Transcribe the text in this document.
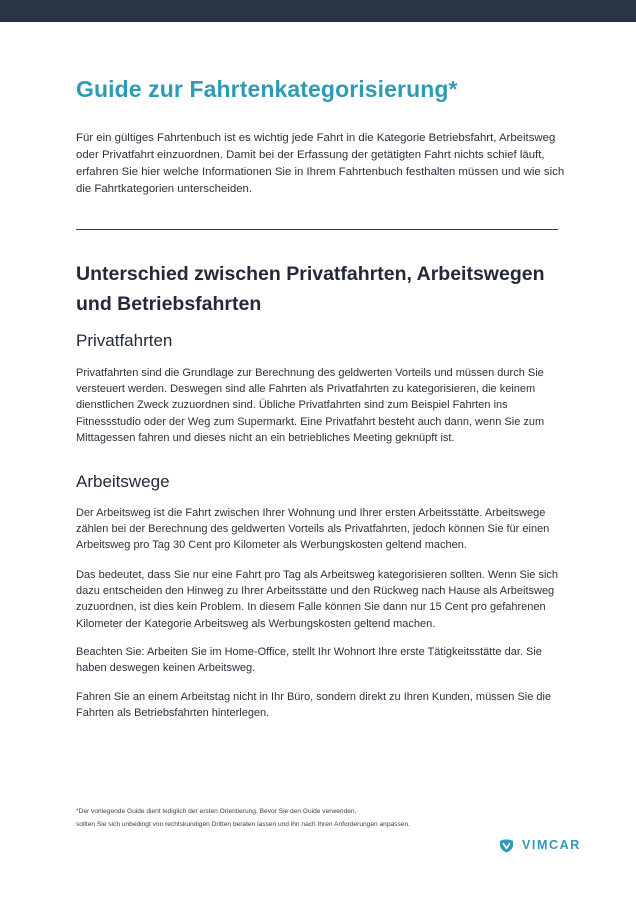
Guide zur Fahrtenkategorisierung*

Für ein gültiges Fahrtenbuch ist es wichtig jede Fahrt in die Kategorie Betriebsfahrt, Arbeitsweg oder Privatfahrt einzuordnen. Damit bei der Erfassung der getätigten Fahrt nichts schief läuft, erfahren Sie hier welche Informationen Sie in Ihrem Fahrtenbuch festhalten müssen und wie sich die Fahrtkategorien unterscheiden.

Unterschied zwischen Privatfahrten, Arbeitswegen und Betriebsfahrten
Privatfahrten

Privatfahrten sind die Grundlage zur Berechnung des geldwerten Vorteils und müssen durch Sie versteuert werden. Deswegen sind alle Fahrten als Privatfahrten zu kategorisieren, die keinem dienstlichen Zweck zuzuordnen sind. Übliche Privatfahrten sind zum Beispiel Fahrten ins Fitnessstudio oder der Weg zum Supermarkt. Eine Privatfahrt besteht auch dann, wenn Sie zum Mittagessen fahren und dieses nicht an ein betriebliches Meeting geknüpft ist.

Arbeitswege

Der Arbeitsweg ist die Fahrt zwischen Ihrer Wohnung und Ihrer ersten Arbeitsstätte. Arbeitswege zählen bei der Berechnung des geldwerten Vorteils als Privatfahrten, jedoch können Sie für einen Arbeitsweg pro Tag 30 Cent pro Kilometer als Werbungskosten geltend machen.

Das bedeutet, dass Sie nur eine Fahrt pro Tag als Arbeitsweg kategorisieren sollten. Wenn Sie sich dazu entscheiden den Hinweg zu Ihrer Arbeitsstätte und den Rückweg nach Hause als Arbeitsweg zuzuordnen, ist dies kein Problem. In diesem Falle können Sie dann nur 15 Cent pro gefahrenen Kilometer der Kategorie Arbeitsweg als Werbungskosten geltend machen.

Beachten Sie: Arbeiten Sie im Home-Office, stellt Ihr Wohnort Ihre erste Tätigkeitsstätte dar. Sie haben deswegen keinen Arbeitsweg.

Fahren Sie an einem Arbeitstag nicht in Ihr Büro, sondern direkt zu Ihren Kunden, müssen Sie die Fahrten als Betriebsfahrten hinterlegen.

*Der vorliegende Guide dient lediglich der ersten Orientierung. Bevor Sie den Guide verwenden,
sollten Sie sich unbedingt von rechtskundigen Dritten beraten lassen und ihn nach Ihren Anforderungen anpassen.
VIMCAR
